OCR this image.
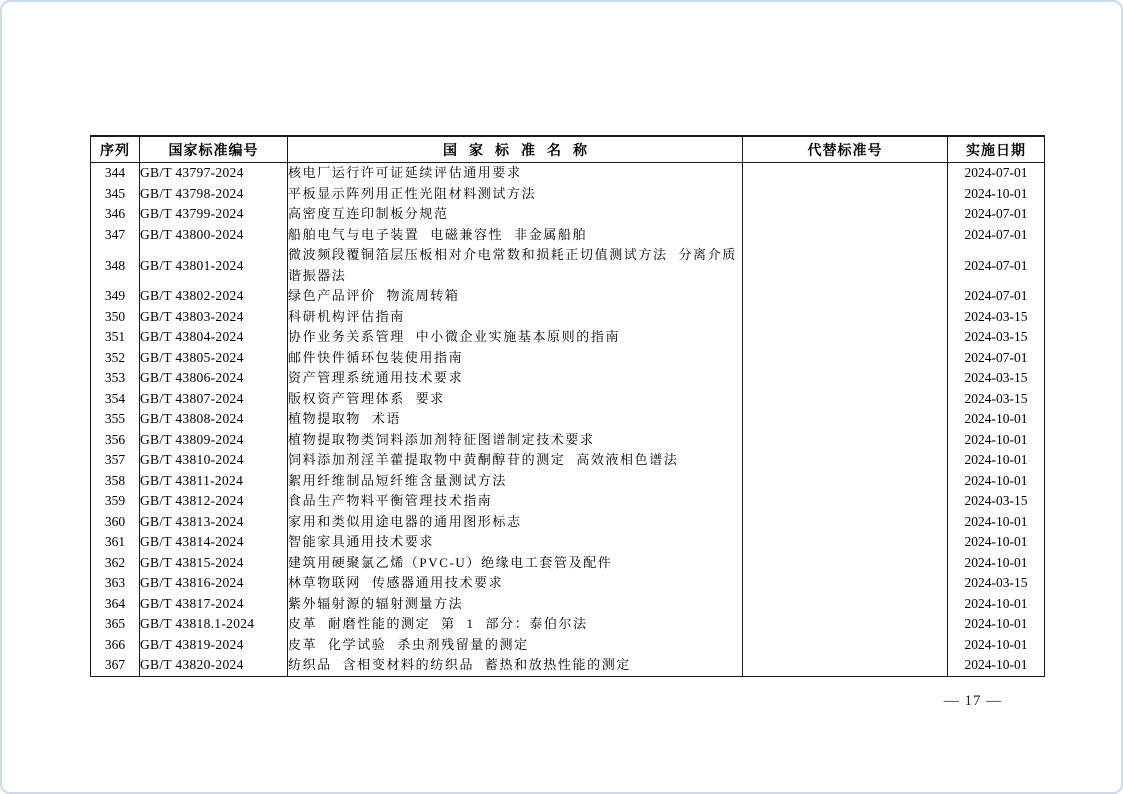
序列	国家标准编号	国家标准名称	代替标准号	实施日期
344	GB/T 43797-2024	核电厂运行许可证延续评估通用要求		2024-07-01
345	GB/T 43798-2024	平板显示阵列用正性光阻材料测试方法		2024-10-01
346	GB/T 43799-2024	高密度互连印制板分规范		2024-07-01
347	GB/T 43800-2024	船舶电气与电子装置 电磁兼容性 非金属船舶		2024-07-01
348	GB/T 43801-2024	微波频段覆铜箔层压板相对介电常数和损耗正切值测试方法 分离介质谐振器法		2024-07-01
349	GB/T 43802-2024	绿色产品评价 物流周转箱		2024-07-01
350	GB/T 43803-2024	科研机构评估指南		2024-03-15
351	GB/T 43804-2024	协作业务关系管理 中小微企业实施基本原则的指南		2024-03-15
352	GB/T 43805-2024	邮件快件循环包装使用指南		2024-07-01
353	GB/T 43806-2024	资产管理系统通用技术要求		2024-03-15
354	GB/T 43807-2024	版权资产管理体系 要求		2024-03-15
355	GB/T 43808-2024	植物提取物 术语		2024-10-01
356	GB/T 43809-2024	植物提取物类饲料添加剂特征图谱制定技术要求		2024-10-01
357	GB/T 43810-2024	饲料添加剂淫羊藿提取物中黄酮醇苷的测定 高效液相色谱法		2024-10-01
358	GB/T 43811-2024	絮用纤维制品短纤维含量测试方法		2024-10-01
359	GB/T 43812-2024	食品生产物料平衡管理技术指南		2024-03-15
360	GB/T 43813-2024	家用和类似用途电器的通用图形标志		2024-10-01
361	GB/T 43814-2024	智能家具通用技术要求		2024-10-01
362	GB/T 43815-2024	建筑用硬聚氯乙烯（PVC-U）绝缘电工套管及配件		2024-10-01
363	GB/T 43816-2024	林草物联网 传感器通用技术要求		2024-03-15
364	GB/T 43817-2024	紫外辐射源的辐射测量方法		2024-10-01
365	GB/T 43818.1-2024	皮革 耐磨性能的测定 第 1 部分：泰伯尔法		2024-10-01
366	GB/T 43819-2024	皮革 化学试验 杀虫剂残留量的测定		2024-10-01
367	GB/T 43820-2024	纺织品 含相变材料的纺织品 蓄热和放热性能的测定		2024-10-01
— 17 —
